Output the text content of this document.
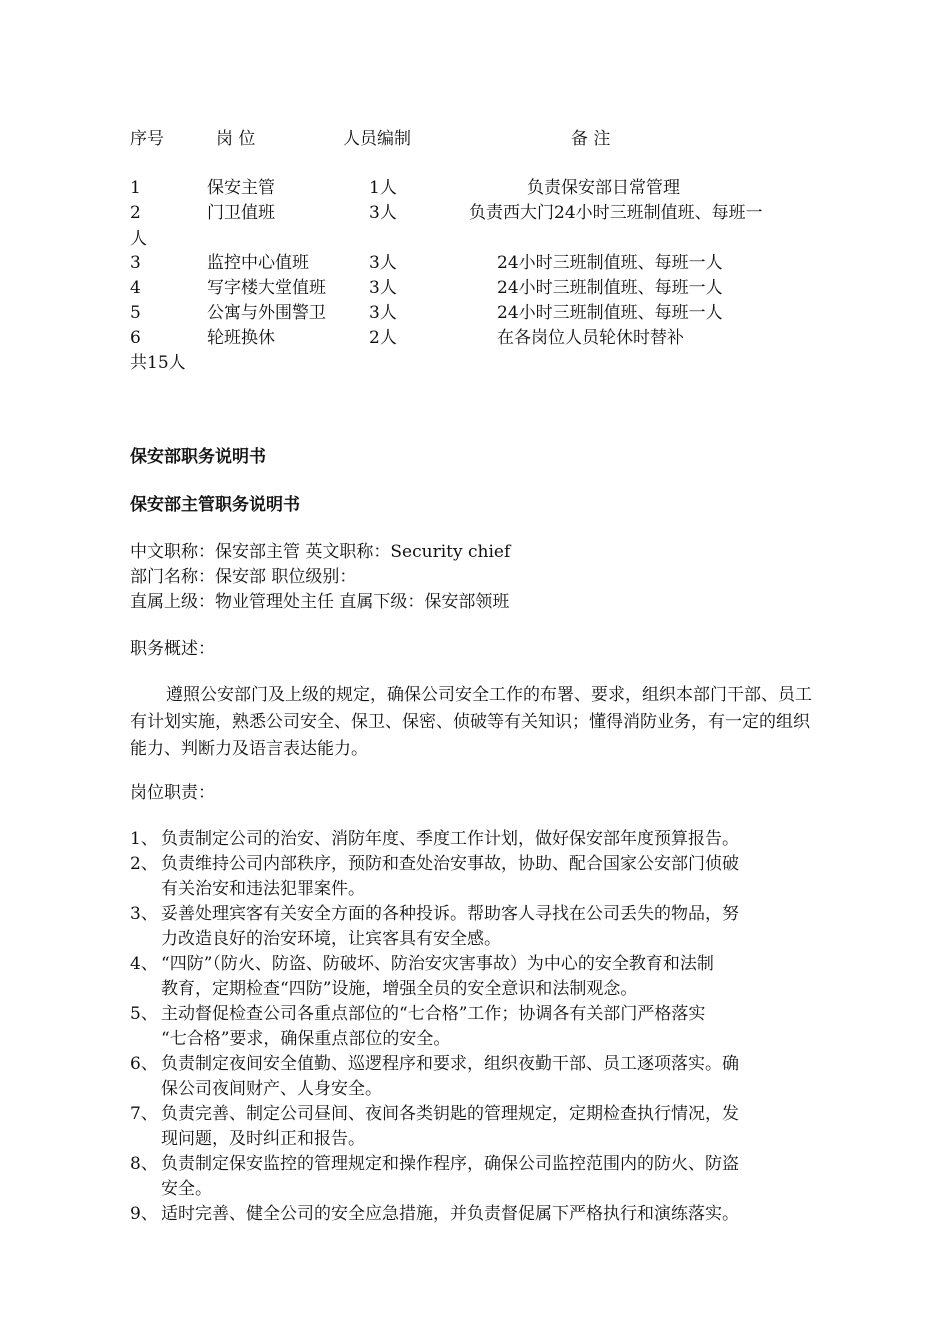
序号	岗 位	人员编制	备 注
1	保安主管	1人	负责保安部日常管理
2	门卫值班	3人	负责西大门24小时三班制值班、每班一
人
3	监控中心值班	3人	24小时三班制值班、每班一人
4	写字楼大堂值班	3人	24小时三班制值班、每班一人
5	公寓与外围警卫	3人	24小时三班制值班、每班一人
6	轮班换休	2人	在各岗位人员轮休时替补
共15人
保安部职务说明书
保安部主管职务说明书
中文职称：保安部主管 英文职称：Security chief
部门名称：保安部 职位级别：
直属上级：物业管理处主任 直属下级：保安部领班
职务概述：
遵照公安部门及上级的规定，确保公司安全工作的布署、要求，组织本部门干部、员工有计划实施，熟悉公司安全、保卫、保密、侦破等有关知识；懂得消防业务，有一定的组织能力、判断力及语言表达能力。
岗位职责：
1、 负责制定公司的治安、消防年度、季度工作计划，做好保安部年度预算报告。
2、 负责维持公司内部秩序，预防和查处治安事故，协助、配合国家公安部门侦破
有关治安和违法犯罪案件。
3、 妥善处理宾客有关安全方面的各种投诉。帮助客人寻找在公司丢失的物品，努
力改造良好的治安环境，让宾客具有安全感。
4、 “四防”（防火、防盗、防破坏、防治安灾害事故）为中心的安全教育和法制
教育，定期检查“四防”设施，增强全员的安全意识和法制观念。
5、 主动督促检查公司各重点部位的“七合格”工作；协调各有关部门严格落实
“七合格”要求，确保重点部位的安全。
6、 负责制定夜间安全值勤、巡逻程序和要求，组织夜勤干部、员工逐项落实。确
保公司夜间财产、人身安全。
7、 负责完善、制定公司昼间、夜间各类钥匙的管理规定，定期检查执行情况，发
现问题，及时纠正和报告。
8、 负责制定保安监控的管理规定和操作程序，确保公司监控范围内的防火、防盗
安全。
9、 适时完善、健全公司的安全应急措施，并负责督促属下严格执行和演练落实。
